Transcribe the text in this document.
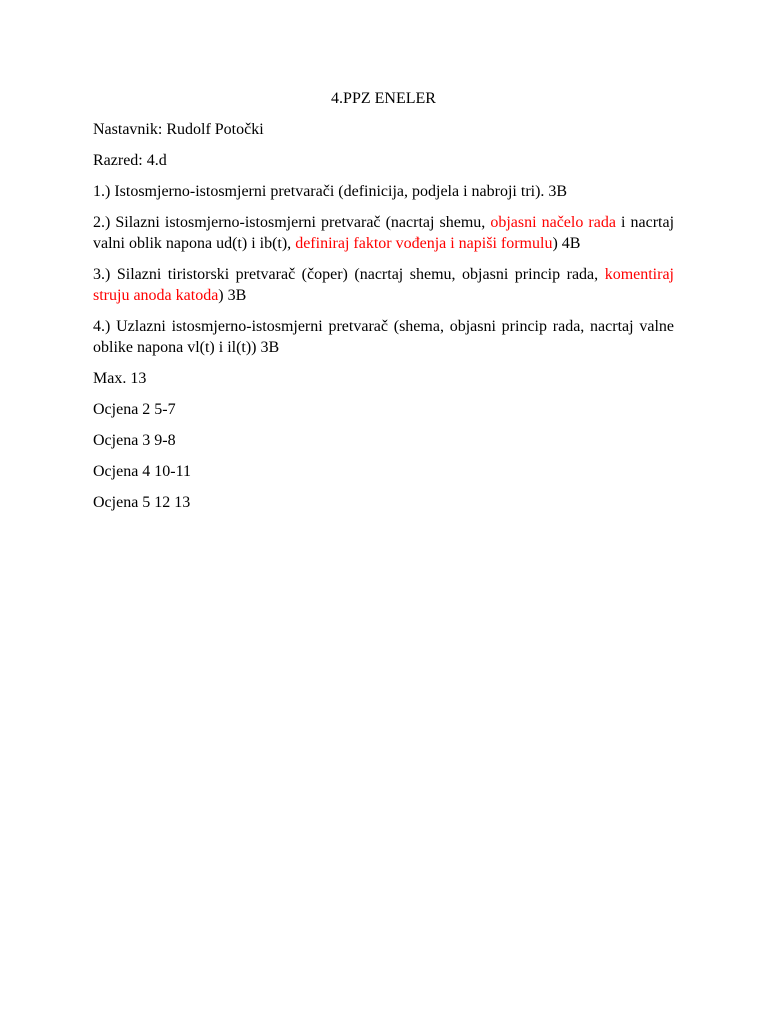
4.PPZ ENELER

Nastavnik: Rudolf Potočki

Razred: 4.d

1.) Istosmjerno-istosmjerni pretvarači (definicija, podjela i nabroji tri). 3B

2.) Silazni istosmjerno-istosmjerni pretvarač (nacrtaj shemu, objasni načelo rada i nacrtaj valni oblik napona ud(t) i ib(t), definiraj faktor vođenja i napiši formulu) 4B

3.) Silazni tiristorski pretvarač (čoper) (nacrtaj shemu, objasni princip rada, komentiraj struju anoda katoda) 3B

4.) Uzlazni istosmjerno-istosmjerni pretvarač (shema, objasni princip rada, nacrtaj valne oblike napona vl(t) i il(t)) 3B

Max. 13

Ocjena 2 5-7

Ocjena 3 9-8

Ocjena 4 10-11

Ocjena 5 12 13
